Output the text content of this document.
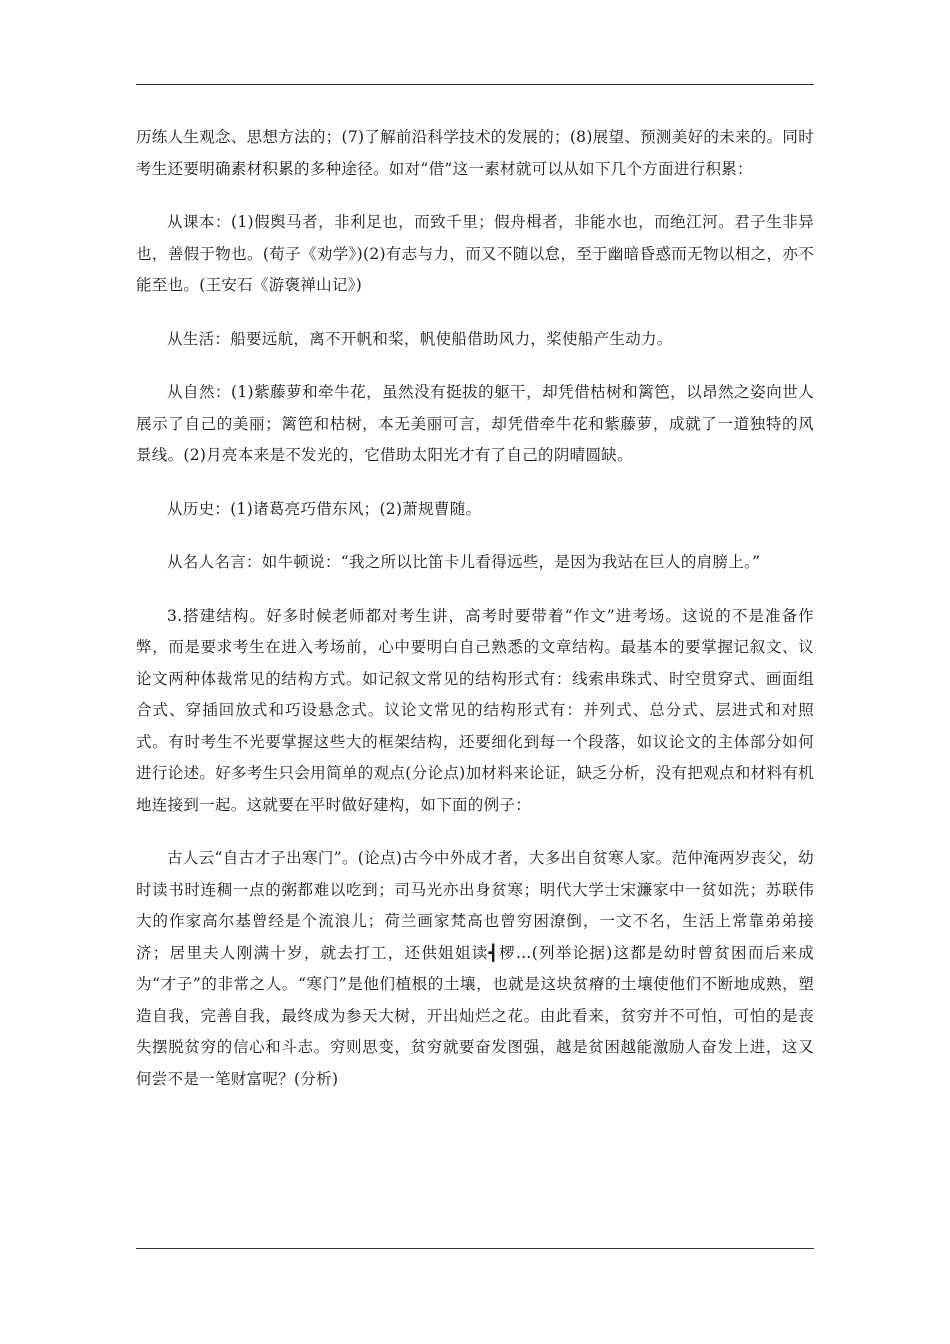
历练人生观念、思想方法的；(7)了解前沿科学技术的发展的；(8)展望、预测美好的未来的。同时考生还要明确素材积累的多种途径。如对“借”这一素材就可以从如下几个方面进行积累：

从课本：(1)假舆马者，非利足也，而致千里；假舟楫者，非能水也，而绝江河。君子生非异也，善假于物也。(荀子《劝学》)(2)有志与力，而又不随以怠，至于幽暗昏惑而无物以相之，亦不能至也。(王安石《游褒禅山记》)

从生活：船要远航，离不开帆和桨，帆使船借助风力，桨使船产生动力。

从自然：(1)紫藤萝和牵牛花，虽然没有挺拔的躯干，却凭借枯树和篱笆，以昂然之姿向世人展示了自己的美丽；篱笆和枯树，本无美丽可言，却凭借牵牛花和紫藤萝，成就了一道独特的风景线。(2)月亮本来是不发光的，它借助太阳光才有了自己的阴晴圆缺。

从历史：(1)诸葛亮巧借东风；(2)萧规曹随。

从名人名言：如牛顿说：“我之所以比笛卡儿看得远些，是因为我站在巨人的肩膀上。”

3.搭建结构。好多时候老师都对考生讲，高考时要带着“作文”进考场。这说的不是准备作弊，而是要求考生在进入考场前，心中要明白自己熟悉的文章结构。最基本的要掌握记叙文、议论文两种体裁常见的结构方式。如记叙文常见的结构形式有：线索串珠式、时空贯穿式、画面组合式、穿插回放式和巧设悬念式。议论文常见的结构形式有：并列式、总分式、层进式和对照式。有时考生不光要掌握这些大的框架结构，还要细化到每一个段落，如议论文的主体部分如何进行论述。好多考生只会用简单的观点(分论点)加材料来论证，缺乏分析，没有把观点和材料有机地连接到一起。这就要在平时做好建构，如下面的例子：

古人云“自古才子出寒门”。(论点)古今中外成才者，大多出自贫寒人家。范仲淹两岁丧父，幼时读书时连稠一点的粥都难以吃到；司马光亦出身贫寒；明代大学士宋濂家中一贫如洗；苏联伟大的作家高尔基曾经是个流浪儿；荷兰画家梵高也曾穷困潦倒，一文不名，生活上常靠弟弟接济；居里夫人刚满十岁，就去打工，还供姐姐读┫椤…(列举论据)这都是幼时曾贫困而后来成为“才子”的非常之人。“寒门”是他们植根的土壤，也就是这块贫瘠的土壤使他们不断地成熟，塑造自我，完善自我，最终成为参天大树，开出灿烂之花。由此看来，贫穷并不可怕，可怕的是丧失摆脱贫穷的信心和斗志。穷则思变，贫穷就要奋发图强，越是贫困越能激励人奋发上进，这又何尝不是一笔财富呢？(分析)
